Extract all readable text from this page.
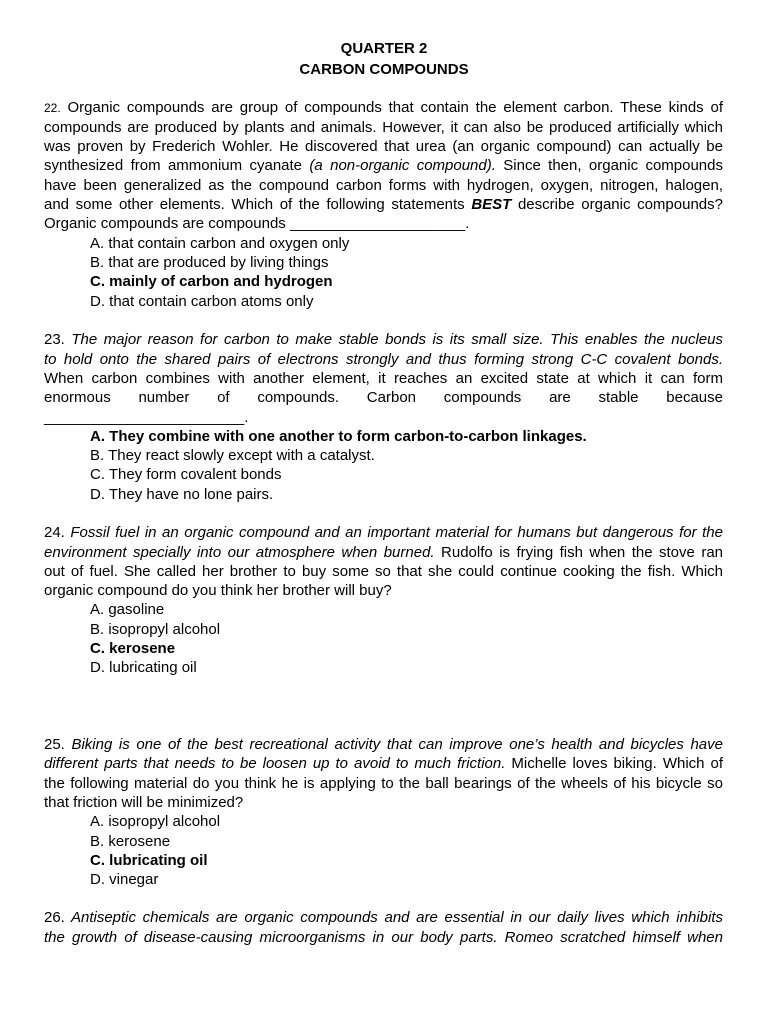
QUARTER 2
CARBON COMPOUNDS
22. Organic compounds are group of compounds that contain the element carbon. These kinds of
compounds are produced by plants and animals. However, it can also be produced artificially which
was proven by Frederich Wohler. He discovered that urea (an organic compound) can actually be
synthesized from ammonium cyanate (a non-organic compound). Since then, organic compounds
have been generalized as the compound carbon forms with hydrogen, oxygen, nitrogen, halogen,
and some other elements. Which of the following statements BEST describe organic compounds?
Organic compounds are compounds _____________________.
A. that contain carbon and oxygen only
B. that are produced by living things
C. mainly of carbon and hydrogen
D. that contain carbon atoms only
23. The major reason for carbon to make stable bonds is its small size. This enables the nucleus
to hold onto the shared pairs of electrons strongly and thus forming strong C-C covalent bonds.
When carbon combines with another element, it reaches an excited state at which it can form
enormous number of compounds. Carbon compounds are stable because
________________________.
A. They combine with one another to form carbon-to-carbon linkages.
B. They react slowly except with a catalyst.
C. They form covalent bonds
D. They have no lone pairs.
24. Fossil fuel in an organic compound and an important material for humans but dangerous for the
environment specially into our atmosphere when burned. Rudolfo is frying fish when the stove ran
out of fuel. She called her brother to buy some so that she could continue cooking the fish. Which
organic compound do you think her brother will buy?
A. gasoline
B. isopropyl alcohol
C. kerosene
D. lubricating oil
25. Biking is one of the best recreational activity that can improve one’s health and bicycles have
different parts that needs to be loosen up to avoid to much friction. Michelle loves biking. Which of
the following material do you think he is applying to the ball bearings of the wheels of his bicycle so
that friction will be minimized?
A. isopropyl alcohol
B. kerosene
C. lubricating oil
D. vinegar
26. Antiseptic chemicals are organic compounds and are essential in our daily lives which inhibits
the growth of disease-causing microorganisms in our body parts. Romeo scratched himself when
